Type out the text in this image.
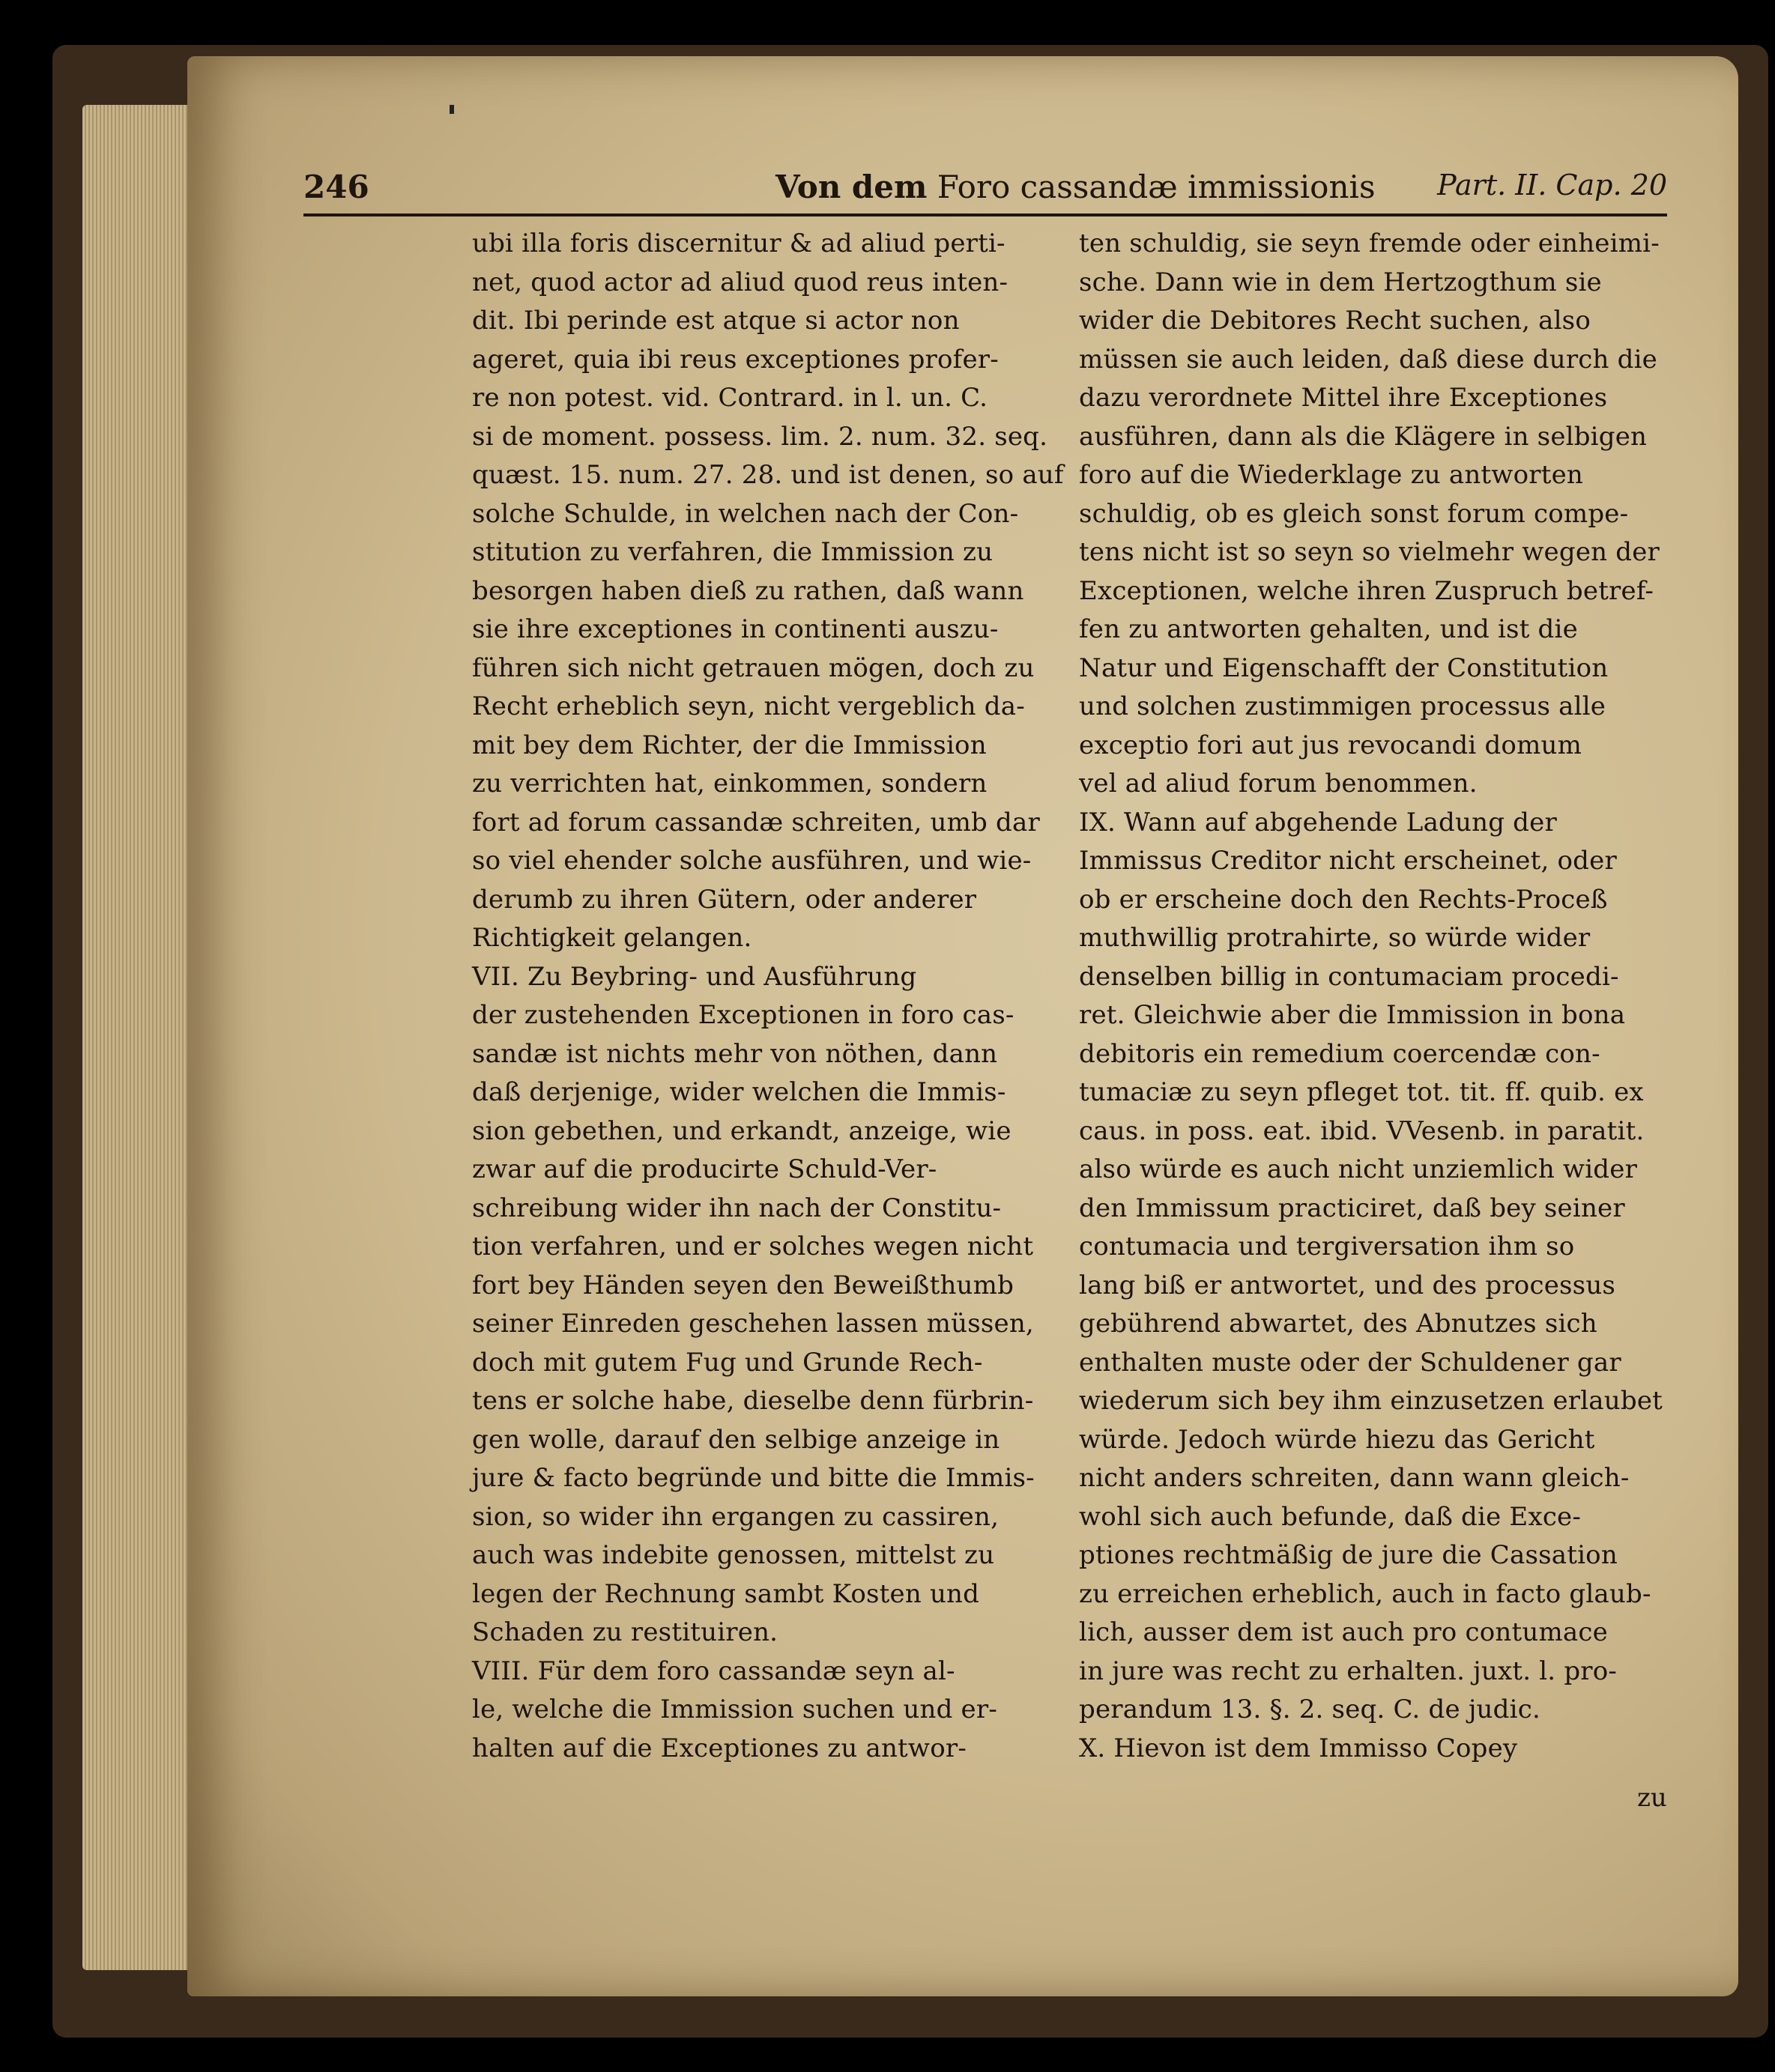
246	Von dem Foro cassandæ immissionis Part. II. Cap. 20
ubi illa foris discernitur & ad aliud perti-
net, quod actor ad aliud quod reus inten-
dit. Ibi perinde est atque si actor non
ageret, quia ibi reus exceptiones profer-
re non potest. vid. Contrard. in l. un. C.
si de moment. possess. lim. 2. num. 32. seq.
quæst. 15. num. 27. 28. und ist denen, so auf
solche Schulde, in welchen nach der Con-
stitution zu verfahren, die Immission zu
besorgen haben dieß zu rathen, daß wann
sie ihre exceptiones in continenti auszu-
führen sich nicht getrauen mögen, doch zu
Recht erheblich seyn, nicht vergeblich da-
mit bey dem Richter, der die Immission
zu verrichten hat, einkommen, sondern
fort ad forum cassandæ schreiten, umb dar
so viel ehender solche ausführen, und wie-
derumb zu ihren Gütern, oder anderer
Richtigkeit gelangen.
VII. Zu Beybring- und Ausführung
der zustehenden Exceptionen in foro cas-
sandæ ist nichts mehr von nöthen, dann
daß derjenige, wider welchen die Immis-
sion gebethen, und erkandt, anzeige, wie
zwar auf die producirte Schuld-Ver-
schreibung wider ihn nach der Constitu-
tion verfahren, und er solches wegen nicht
fort bey Händen seyen den Beweißthumb
seiner Einreden geschehen lassen müssen,
doch mit gutem Fug und Grunde Rech-
tens er solche habe, dieselbe denn fürbrin-
gen wolle, darauf den selbige anzeige in
jure & facto begründe und bitte die Immis-
sion, so wider ihn ergangen zu cassiren,
auch was indebite genossen, mittelst zu
legen der Rechnung sambt Kosten und
Schaden zu restituiren.
VIII. Für dem foro cassandæ seyn al-
le, welche die Immission suchen und er-
halten auf die Exceptiones zu antwor-
ten schuldig, sie seyn fremde oder einheimi-
sche. Dann wie in dem Hertzogthum sie
wider die Debitores Recht suchen, also
müssen sie auch leiden, daß diese durch die
dazu verordnete Mittel ihre Exceptiones
ausführen, dann als die Klägere in selbigen
foro auf die Wiederklage zu antworten
schuldig, ob es gleich sonst forum compe-
tens nicht ist so seyn so vielmehr wegen der
Exceptionen, welche ihren Zuspruch betref-
fen zu antworten gehalten, und ist die
Natur und Eigenschafft der Constitution
und solchen zustimmigen processus alle
exceptio fori aut jus revocandi domum
vel ad aliud forum benommen.
IX. Wann auf abgehende Ladung der
Immissus Creditor nicht erscheinet, oder
ob er erscheine doch den Rechts-Proceß
muthwillig protrahirte, so würde wider
denselben billig in contumaciam procedi-
ret. Gleichwie aber die Immission in bona
debitoris ein remedium coercendæ con-
tumaciæ zu seyn pfleget tot. tit. ff. quib. ex
caus. in poss. eat. ibid. VVesenb. in paratit.
also würde es auch nicht unziemlich wider
den Immissum practiciret, daß bey seiner
contumacia und tergiversation ihm so
lang biß er antwortet, und des processus
gebührend abwartet, des Abnutzes sich
enthalten muste oder der Schuldener gar
wiederum sich bey ihm einzusetzen erlaubet
würde. Jedoch würde hiezu das Gericht
nicht anders schreiten, dann wann gleich-
wohl sich auch befunde, daß die Exce-
ptiones rechtmäßig de jure die Cassation
zu erreichen erheblich, auch in facto glaub-
lich, ausser dem ist auch pro contumace
in jure was recht zu erhalten. juxt. l. pro-
perandum 13. §. 2. seq. C. de judic.
X. Hievon ist dem Immisso Copey
zu
